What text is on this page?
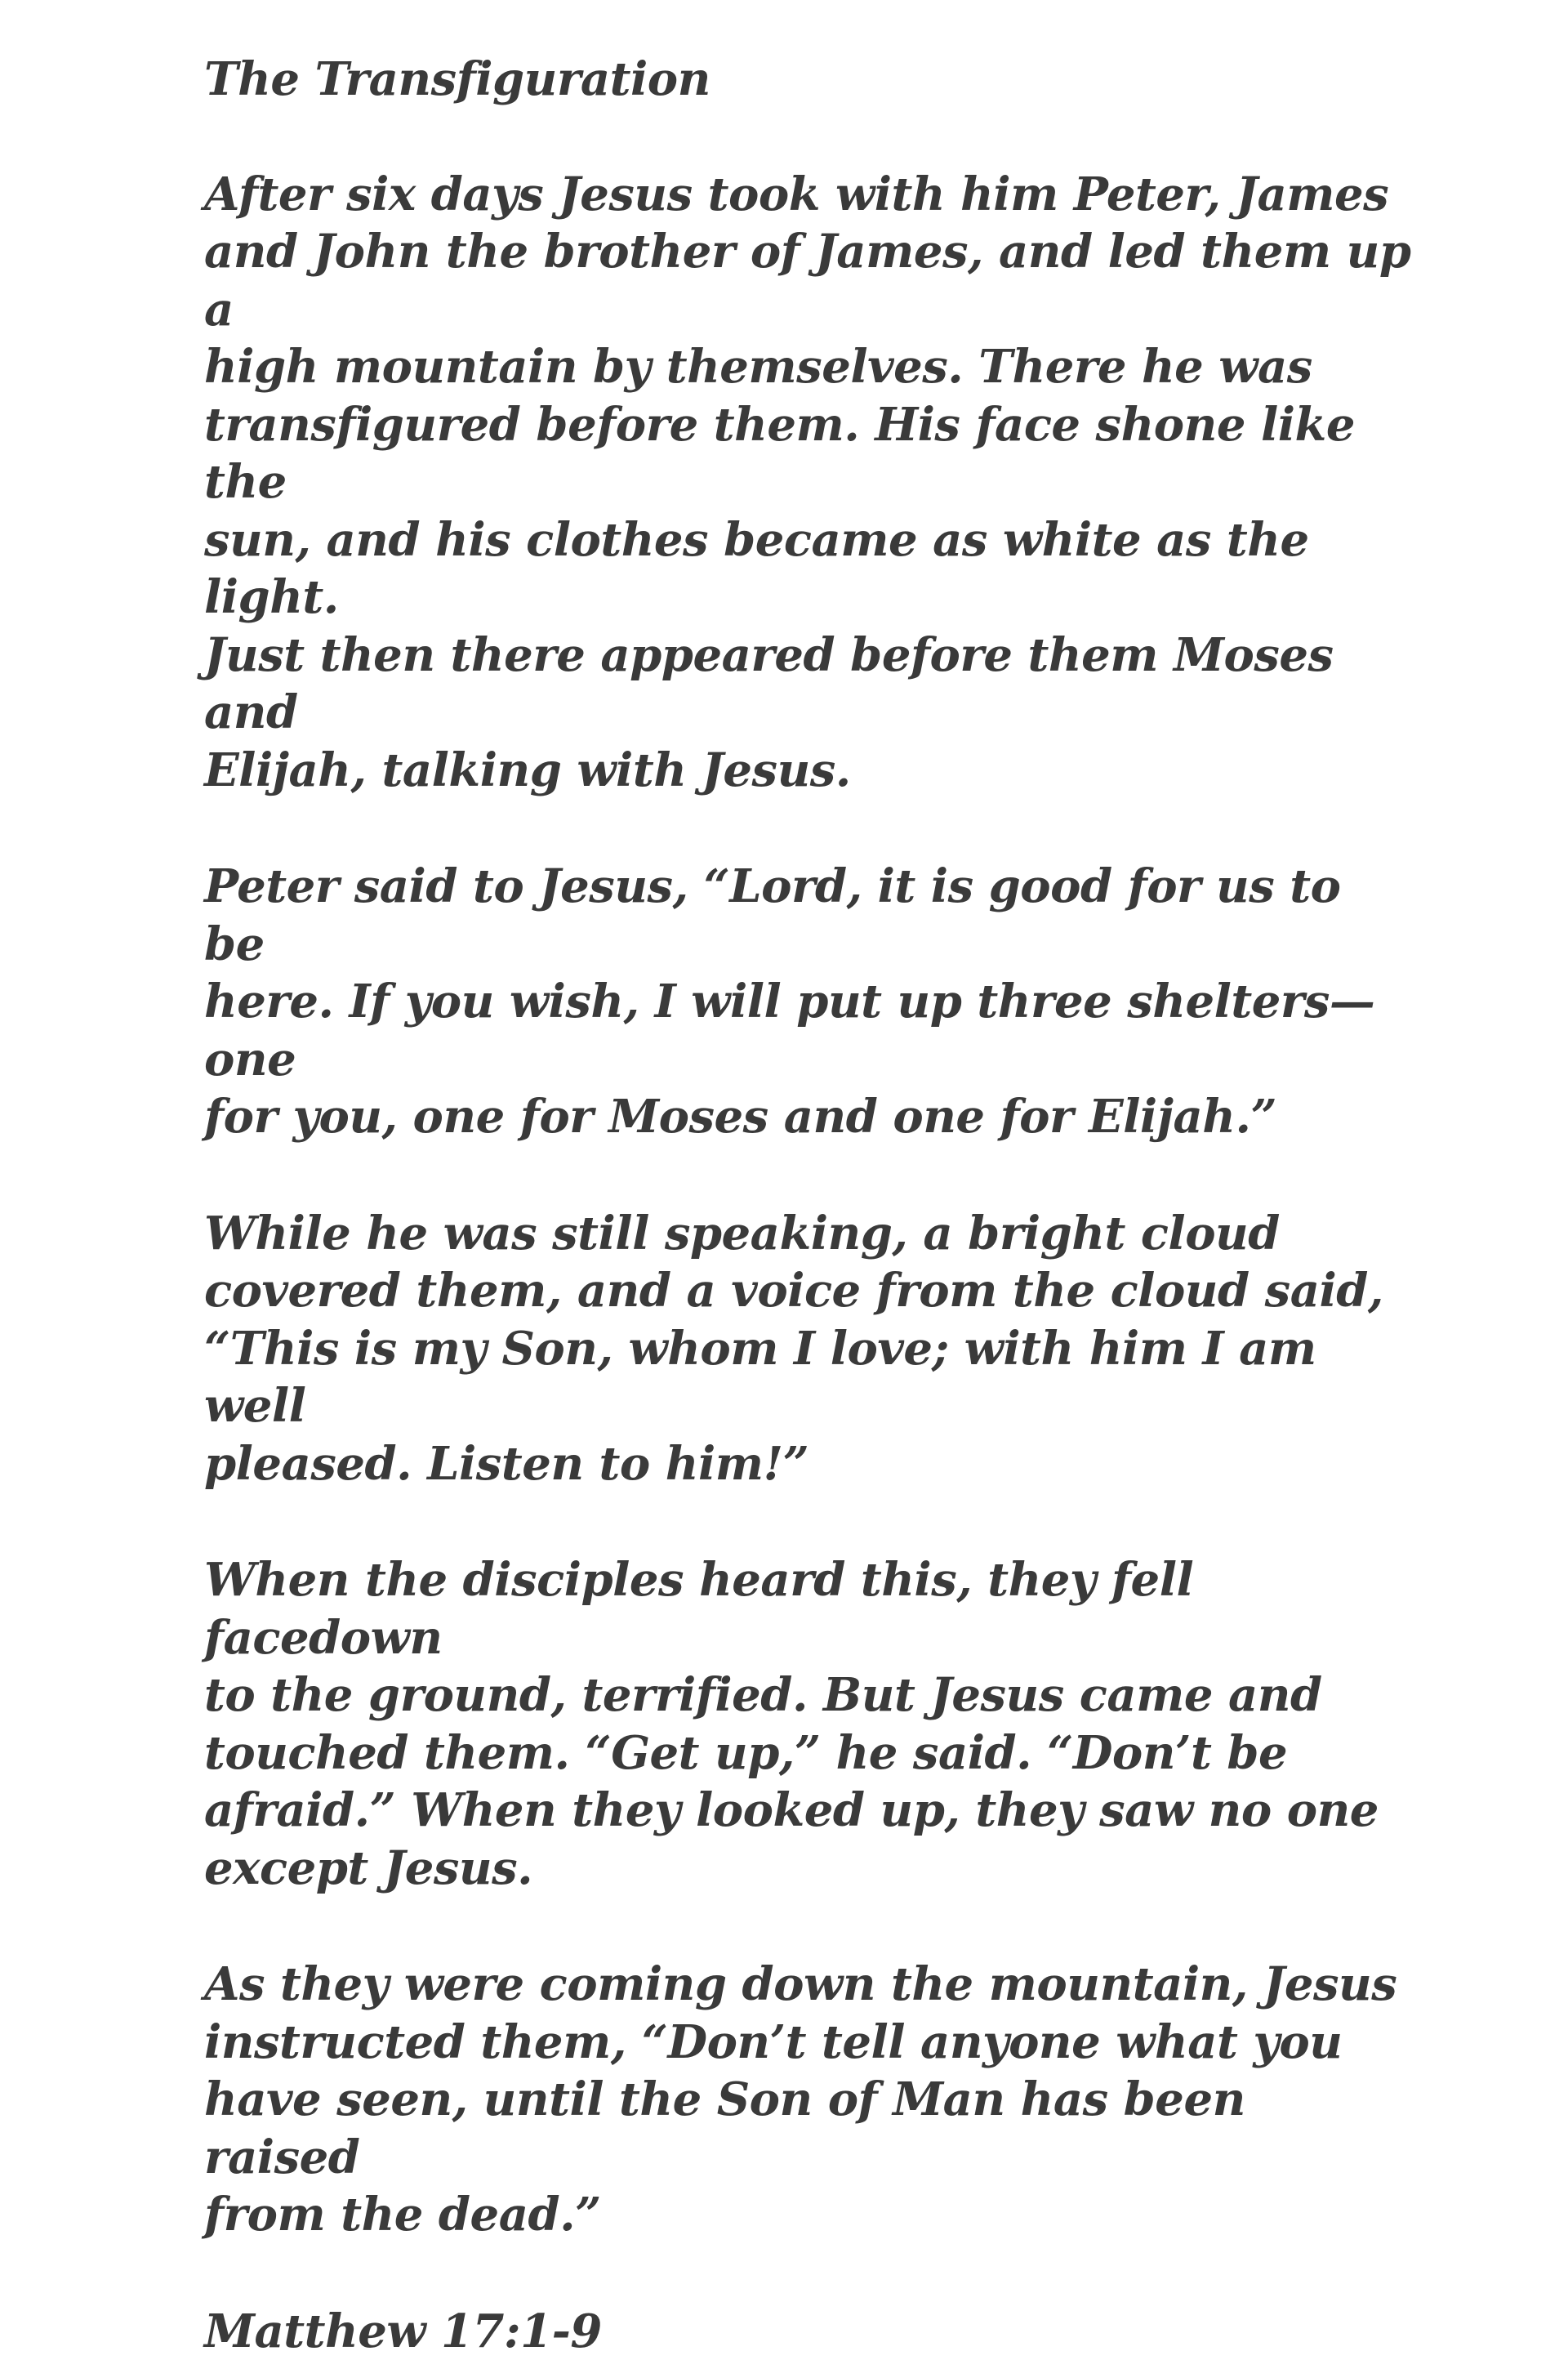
The Transfiguration

After six days Jesus took with him Peter, James
and John the brother of James, and led them up a
high mountain by themselves. There he was
transfigured before them. His face shone like the
sun, and his clothes became as white as the light.
Just then there appeared before them Moses and
Elijah, talking with Jesus.

Peter said to Jesus, “Lord, it is good for us to be
here. If you wish, I will put up three shelters—one
for you, one for Moses and one for Elijah.”

While he was still speaking, a bright cloud
covered them, and a voice from the cloud said,
“This is my Son, whom I love; with him I am well
pleased. Listen to him!”

When the disciples heard this, they fell facedown
to the ground, terrified. But Jesus came and
touched them. “Get up,” he said. “Don’t be
afraid.” When they looked up, they saw no one
except Jesus.

As they were coming down the mountain, Jesus
instructed them, “Don’t tell anyone what you
have seen, until the Son of Man has been raised
from the dead.”

Matthew 17:1-9
